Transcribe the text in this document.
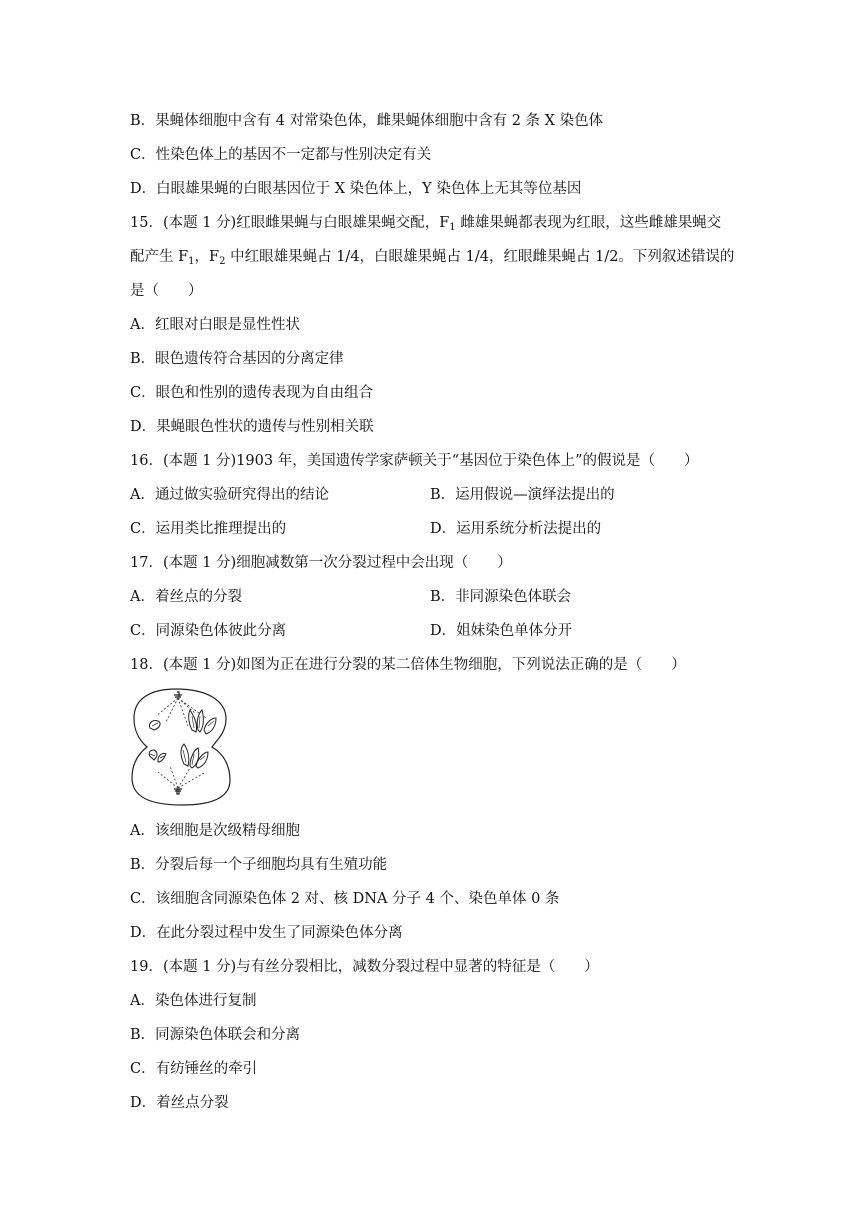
B．果蝇体细胞中含有 4 对常染色体，雌果蝇体细胞中含有 2 条 X 染色体
C．性染色体上的基因不一定都与性别决定有关
D．白眼雄果蝇的白眼基因位于 X 染色体上，Y 染色体上无其等位基因
15．(本题 1 分)红眼雌果蝇与白眼雄果蝇交配，$F_1$ 雌雄果蝇都表现为红眼，这些雌雄果蝇交
配产生 $F_1$，$F_2$ 中红眼雄果蝇占 1/4，白眼雄果蝇占 1/4，红眼雌果蝇占 1/2。下列叙述错误的
是（　　）
A．红眼对白眼是显性性状
B．眼色遗传符合基因的分离定律
C．眼色和性别的遗传表现为自由组合
D．果蝇眼色性状的遗传与性别相关联
16．(本题 1 分)1903 年，美国遗传学家萨顿关于“基因位于染色体上”的假说是（　　）
A．通过做实验研究得出的结论	B．运用假说—演绎法提出的
C．运用类比推理提出的	D．运用系统分析法提出的
17．(本题 1 分)细胞减数第一次分裂过程中会出现（　　）
A．着丝点的分裂	B．非同源染色体联会
C．同源染色体彼此分离	D．姐妹染色单体分开
18．(本题 1 分)如图为正在进行分裂的某二倍体生物细胞，下列说法正确的是（　　）
A．该细胞是次级精母细胞
B．分裂后每一个子细胞均具有生殖功能
C．该细胞含同源染色体 2 对、核 DNA 分子 4 个、染色单体 0 条
D．在此分裂过程中发生了同源染色体分离
19．(本题 1 分)与有丝分裂相比，减数分裂过程中显著的特征是（　　）
A．染色体进行复制
B．同源染色体联会和分离
C．有纺锤丝的牵引
D．着丝点分裂
